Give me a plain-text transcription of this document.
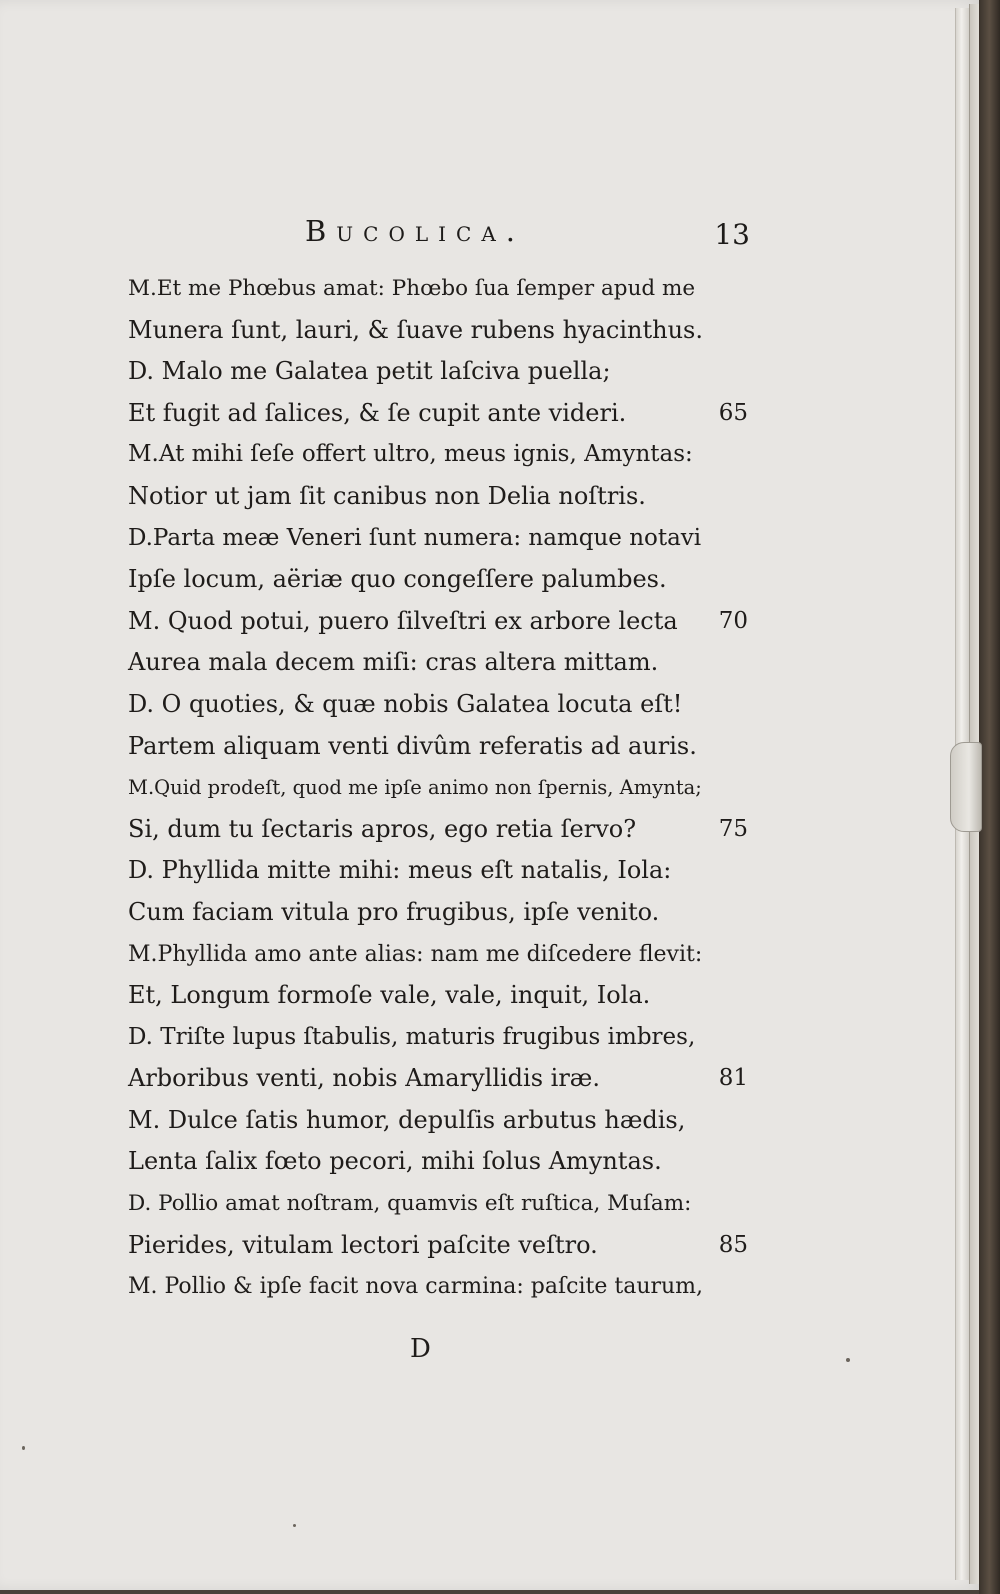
Bucolica.	13
M.Et me Phœbus amat: Phœbo ſua ſemper apud me
Munera ſunt, lauri, & ſuave rubens hyacinthus.
D. Malo me Galatea petit laſciva puella;
Et fugit ad ſalices, & ſe cupit ante videri.	65
M.At mihi ſeſe offert ultro, meus ignis, Amyntas:
Notior ut jam ſit canibus non Delia noſtris.
D.Parta meæ Veneri ſunt numera: namque notavi
Ipſe locum, aëriæ quo congeſſere palumbes.
M. Quod potui, puero ſilveſtri ex arbore lecta 70
Aurea mala decem miſi: cras altera mittam.
D. O quoties, & quæ nobis Galatea locuta eſt!
Partem aliquam venti divûm referatis ad auris.
M.Quid prodeſt, quod me ipſe animo non ſpernis, Amynta;
Si, dum tu ſectaris apros, ego retia ſervo?	75
D. Phyllida mitte mihi: meus eſt natalis, Iola:
Cum faciam vitula pro frugibus, ipſe venito.
M.Phyllida amo ante alias: nam me diſcedere flevit:
Et, Longum formoſe vale, vale, inquit, Iola.
D. Triſte lupus ſtabulis, maturis frugibus imbres,
Arboribus venti, nobis Amaryllidis iræ.	81
M. Dulce ſatis humor, depulſis arbutus hædis,
Lenta ſalix fœto pecori, mihi ſolus Amyntas.
D. Pollio amat noſtram, quamvis eſt ruſtica, Muſam:
Pierides, vitulam lectori paſcite veſtro.	85
M. Pollio & ipſe facit nova carmina: paſcite taurum,
D
